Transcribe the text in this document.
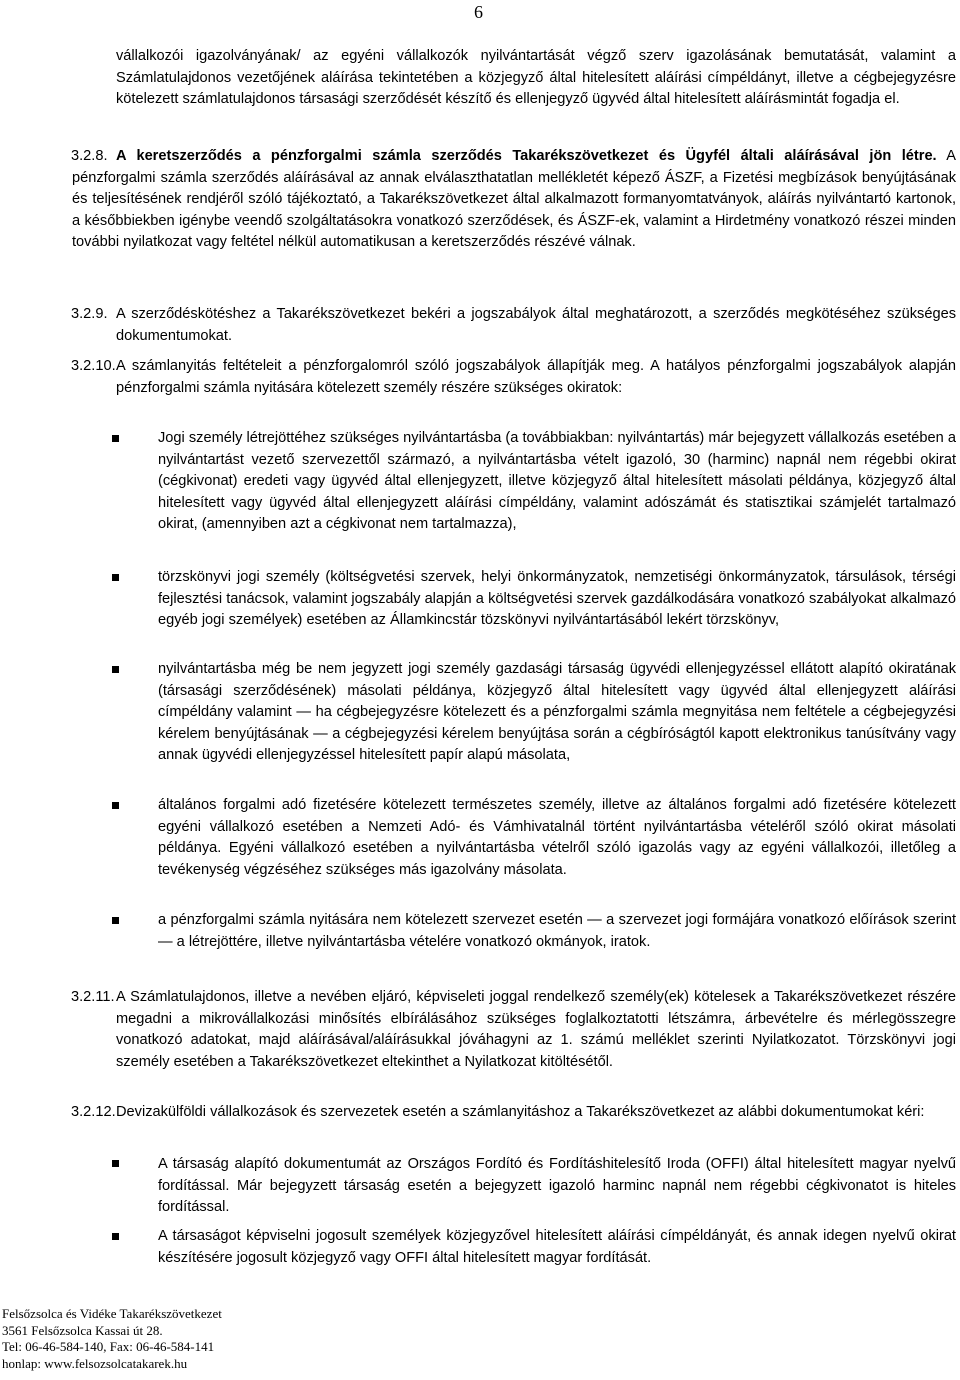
6

vállalkozói igazolványának/ az egyéni vállalkozók nyilvántartását végző szerv igazolásának bemutatását, valamint a Számlatulajdonos vezetőjének aláírása tekintetében a közjegyző által hitelesített aláírási címpéldányt, illetve a cégbejegyzésre kötelezett számlatulajdonos társasági szerződését készítő és ellenjegyző ügyvéd által hitelesített aláírásmintát fogadja el.

3.2.8. A keretszerződés a pénzforgalmi számla szerződés Takarékszövetkezet és Ügyfél általi aláírásával jön létre. A pénzforgalmi számla szerződés aláírásával az annak elválaszthatatlan mellékletét képező ÁSZF, a Fizetési megbízások benyújtásának és teljesítésének rendjéről szóló tájékoztató, a Takarékszövetkezet által alkalmazott formanyomtatványok, aláírás nyilvántartó kartonok, a későbbiekben igénybe veendő szolgáltatásokra vonatkozó szerződések, és ÁSZF-ek, valamint a Hirdetmény vonatkozó részei minden további nyilatkozat vagy feltétel nélkül automatikusan a keretszerződés részévé válnak.
3.2.9. A szerződéskötéshez a Takarékszövetkezet bekéri a jogszabályok által meghatározott, a szerződés megkötéséhez szükséges dokumentumokat.
3.2.10. A számlanyitás feltételeit a pénzforgalomról szóló jogszabályok állapítják meg. A hatályos pénzforgalmi jogszabályok alapján pénzforgalmi számla nyitására kötelezett személy részére szükséges okiratok:
Jogi személy létrejöttéhez szükséges nyilvántartásba (a továbbiakban: nyilvántartás) már bejegyzett vállalkozás esetében a nyilvántartást vezető szervezettől származó, a nyilvántartásba vételt igazoló, 30 (harminc) napnál nem régebbi okirat (cégkivonat) eredeti vagy ügyvéd által ellenjegyzett, illetve közjegyző által hitelesített másolati példánya, közjegyző által hitelesített vagy ügyvéd által ellenjegyzett aláírási címpéldány, valamint adószámát és statisztikai számjelét tartalmazó okirat, (amennyiben azt a cégkivonat nem tartalmazza),
törzskönyvi jogi személy (költségvetési szervek, helyi önkormányzatok, nemzetiségi önkormányzatok, társulások, térségi fejlesztési tanácsok, valamint jogszabály alapján a költségvetési szervek gazdálkodására vonatkozó szabályokat alkalmazó egyéb jogi személyek) esetében az Államkincstár tözskönyvi nyilvántartásából lekért törzskönyv,
nyilvántartásba még be nem jegyzett jogi személy gazdasági társaság ügyvédi ellenjegyzéssel ellátott alapító okiratának (társasági szerződésének) másolati példánya, közjegyző által hitelesített vagy ügyvéd által ellenjegyzett aláírási címpéldány valamint — ha cégbejegyzésre kötelezett és a pénzforgalmi számla megnyitása nem feltétele a cégbejegyzési kérelem benyújtásának — a cégbejegyzési kérelem benyújtása során a cégbíróságtól kapott elektronikus tanúsítvány vagy annak ügyvédi ellenjegyzéssel hitelesített papír alapú másolata,
általános forgalmi adó fizetésére kötelezett természetes személy, illetve az általános forgalmi adó fizetésére kötelezett egyéni vállalkozó esetében a Nemzeti Adó- és Vámhivatalnál történt nyilvántartásba vételéről szóló okirat másolati példánya. Egyéni vállalkozó esetében a nyilvántartásba vételről szóló igazolás vagy az egyéni vállalkozói, illetőleg a tevékenység végzéséhez szükséges más igazolvány másolata.
a pénzforgalmi számla nyitására nem kötelezett szervezet esetén — a szervezet jogi formájára vonatkozó előírások szerint — a létrejöttére, illetve nyilvántartásba vételére vonatkozó okmányok, iratok.
3.2.11. A Számlatulajdonos, illetve a nevében eljáró, képviseleti joggal rendelkező személy(ek) kötelesek a Takarékszövetkezet részére megadni a mikrovállalkozási minősítés elbírálásához szükséges foglalkoztatotti létszámra, árbevételre és mérlegösszegre vonatkozó adatokat, majd aláírásával/aláírásukkal jóváhagyni az 1. számú melléklet szerinti Nyilatkozatot. Törzskönyvi jogi személy esetében a Takarékszövetkezet eltekinthet a Nyilatkozat kitöltésétől.
3.2.12. Devizakülföldi vállalkozások és szervezetek esetén a számlanyitáshoz a Takarékszövetkezet az alábbi dokumentumokat kéri:
A társaság alapító dokumentumát az Országos Fordító és Fordításhitelesítő Iroda (OFFI) által hitelesített magyar nyelvű fordítással. Már bejegyzett társaság esetén a bejegyzett igazoló harminc napnál nem régebbi cégkivonatot is hiteles fordítással.
A társaságot képviselni jogosult személyek közjegyzővel hitelesített aláírási címpéldányát, és annak idegen nyelvű okirat készítésére jogosult közjegyző vagy OFFI által hitelesített magyar fordítását.
Felsőzsolca és Vidéke Takarékszövetkezet
3561 Felsőzsolca Kassai út 28.
Tel: 06-46-584-140, Fax: 06-46-584-141
honlap: www.felsozsolcatakarek.hu
